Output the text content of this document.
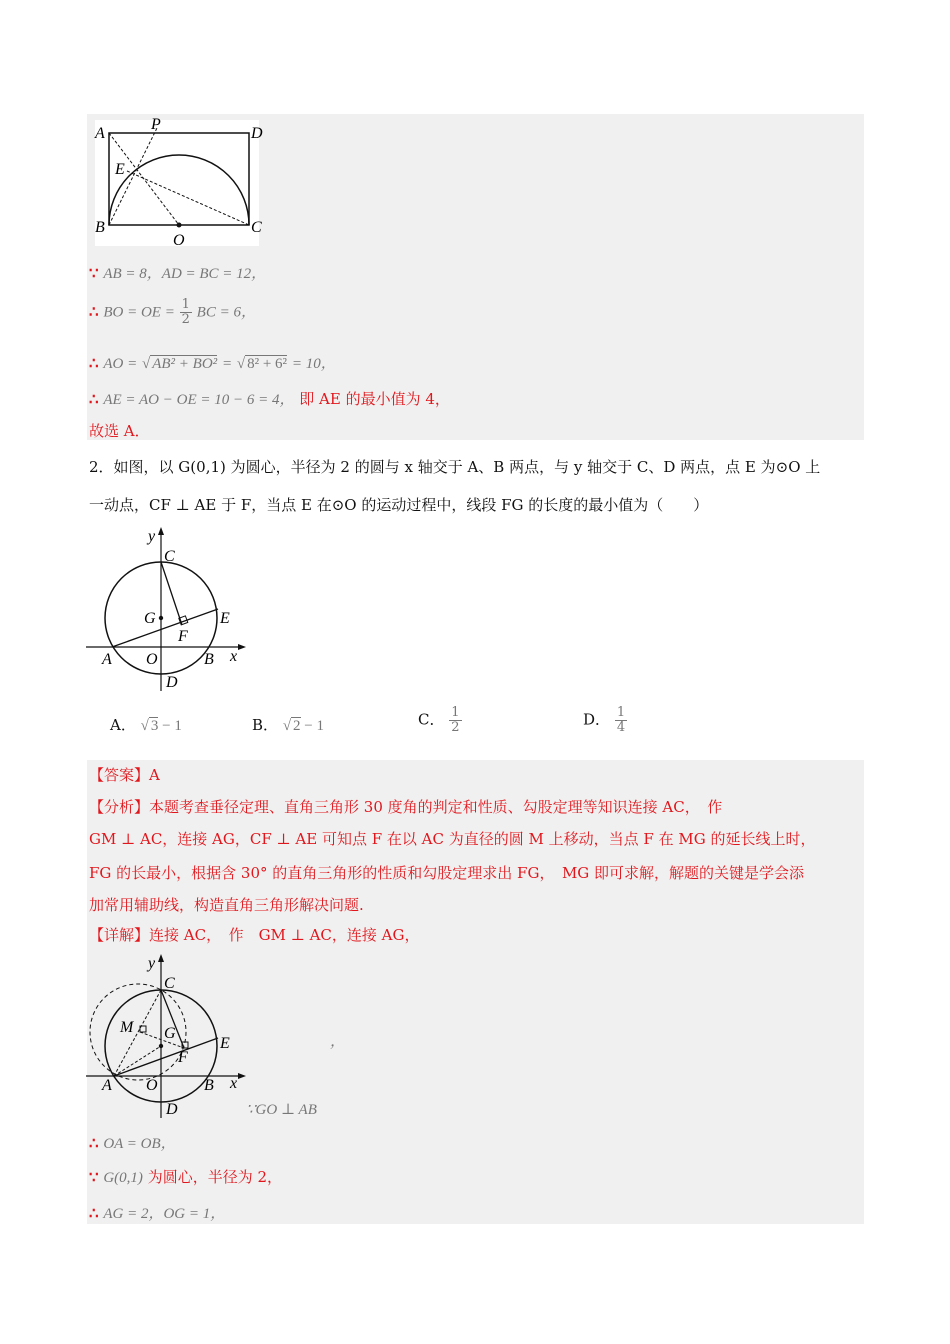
A
P
D
E
B
O
C
∵ AB = 8，AD = BC = 12，
∴ BO = OE = $\frac{1}{2}$ BC = 6，
∴ AO = √ AB² + BO² = √ 8² + 6² = 10，
∴ AE = AO − OE = 10 − 6 = 4， 即 AE 的最小值为 4，
故选 A．
2．如图，以 G(0,1) 为圆心，半径为 2 的圆与 x 轴交于 A、B 两点，与 y 轴交于 C、D 两点，点 E 为⊙O 上
一动点，CF ⊥ AE 于 F，当点 E 在⊙O 的运动过程中，线段 FG 的长度的最小值为（　　）
y
C
G
F
E
A O	B x
D
A． √ 3 − 1	B． √ 2 − 1	C． $\frac{1}{2}$	D． $\frac{1}{4}$
【答案】A
【分析】本题考查垂径定理、直角三角形 30 度角的判定和性质、勾股定理等知识连接 AC，　作
GM ⊥ AC，连接 AG，CF ⊥ AE 可知点 F 在以 AC 为直径的圆 M 上移动，当点 F 在 MG 的延长线上时，
FG 的长最小，根据含 30° 的直角三角形的性质和勾股定理求出 FG，　MG 即可求解，解题的关键是学会添
加常用辅助线，构造直角三角形解决问题.
【详解】连接 AC，　作　GM ⊥ AC，连接 AG，
y
C
M G
F
E
A O	B x
D
，
∵GO ⊥ AB
∴ OA = OB，
∵ G(0,1) 为圆心，半径为 2，
∴ AG = 2，OG = 1，
